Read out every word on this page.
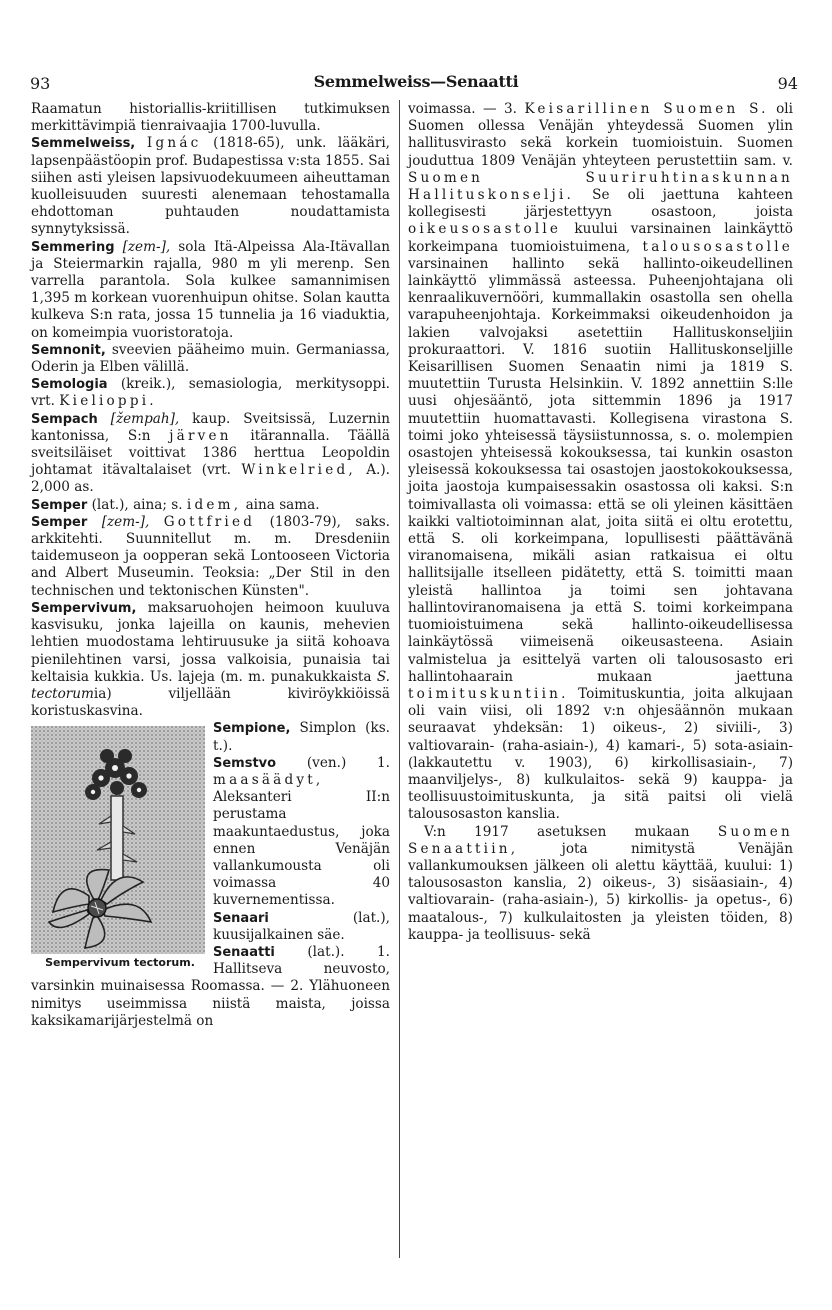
93	Semmelweiss—Senaatti	94

Raamatun historiallis-kriitillisen tutkimuksen merkittävimpiä tienraivaajia 1700-luvulla.

Semmelweiss, Ignác (1818-65), unk. lääkäri, lapsenpäästöopin prof. Budapestissa v:sta 1855. Sai siihen asti yleisen lapsivuodekuumeen aiheuttaman kuolleisuuden suuresti alenemaan tehostamalla ehdottoman puhtauden noudattamista synnytyksissä.

Semmering [zem-], sola Itä-Alpeissa Ala-Itävallan ja Steiermarkin rajalla, 980 m yli merenp. Sen varrella parantola. Sola kulkee samannimisen 1,395 m korkean vuorenhuipun ohitse. Solan kautta kulkeva S:n rata, jossa 15 tunnelia ja 16 viaduktia, on komeimpia vuoristoratoja.

Semnonit, sveevien pääheimo muin. Germaniassa, Oderin ja Elben välillä.

Semologia (kreik.), semasiologia, merkitysoppi. vrt. Kielioppi.

Sempach [žempah], kaup. Sveitsissä, Luzernin kantonissa, S:n järven itärannalla. Täällä sveitsiläiset voittivat 1386 herttua Leopoldin johtamat itävaltalaiset (vrt. Winkelried, A.). 2,000 as.

Semper (lat.), aina; s. idem, aina sama.

Semper [zem-], Gottfried (1803-79), saks. arkkitehti. Suunnitellut m. m. Dresdeniin taidemuseon ja oopperan sekä Lontooseen Victoria and Albert Museumin. Teoksia: „Der Stil in den technischen und tektonischen Künsten".

Sempervivum, maksaruohojen heimoon kuuluva kasvisuku, jonka lajeilla on kaunis, mehevien lehtien muodostama lehtiruusuke ja siitä kohoava pienilehtinen varsi, jossa valkoisia, punaisia tai keltaisia kukkia. Us. lajeja (m. m. punakukkaista S. tectorumia) viljellään kiviröykkiöissä koristuskasvina.

Sempervivum tectorum.

Sempione, Simplon (ks. t.).

Semstvo (ven.) 1. maasäädyt, Aleksanteri II:n perustama maakuntaedustus, joka ennen Venäjän vallankumousta oli voimassa 40 kuvernementissa.

Senaari	(lat.), kuusijalkainen säe.

Senaatti (lat.). 1. Hallitseva neuvosto, varsinkin muinaisessa Roomassa. — 2. Ylähuoneen nimitys useimmissa niistä maista, joissa kaksikamarijärjestelmä on

voimassa. — 3. Keisarillinen Suomen S. oli Suomen ollessa Venäjän yhteydessä Suomen ylin hallitusvirasto sekä korkein tuomioistuin. Suomen jouduttua 1809 Venäjän yhteyteen perustettiin sam. v. Suomen Suuriruhtinaskunnan Hallituskonselji. Se oli jaettuna kahteen kollegisesti järjestettyyn osastoon, joista oikeusosastolle kuului varsinainen lainkäyttö korkeimpana tuomioistuimena, talousosastolle varsinainen hallinto sekä hallinto-oikeudellinen lainkäyttö ylimmässä asteessa. Puheenjohtajana oli kenraalikuvernööri, kummallakin osastolla sen ohella varapuheenjohtaja. Korkeimmaksi oikeudenhoidon ja lakien valvojaksi asetettiin Hallituskonseljiin prokuraattori. V. 1816 suotiin Hallituskonseljille Keisarillisen Suomen Senaatin nimi ja 1819 S. muutettiin Turusta Helsinkiin. V. 1892 annettiin S:lle uusi ohjesääntö, jota sittemmin 1896 ja 1917 muutettiin huomattavasti. Kollegisena virastona S. toimi joko yhteisessä täysiistunnossa, s. o. molempien osastojen yhteisessä kokouksessa, tai kunkin osaston yleisessä kokouksessa tai osastojen jaostokokouksessa, joita jaostoja kumpaisessakin osastossa oli kaksi. S:n toimivallasta oli voimassa: että se oli yleinen käsittäen kaikki valtiotoiminnan alat, joita siitä ei oltu erotettu, että S. oli korkeimpana, lopullisesti päättävänä viranomaisena, mikäli asian ratkaisua ei oltu hallitsijalle itselleen pidätetty, että S. toimitti maan yleistä hallintoa ja toimi sen johtavana hallintoviranomaisena ja että S. toimi korkeimpana tuomioistuimena sekä hallinto-oikeudellisessa lainkäytössä viimeisenä oikeusasteena. Asiain valmistelua ja esittelyä varten oli talousosasto eri hallintohaarain mukaan jaettuna toimituskuntiin. Toimituskuntia, joita alkujaan oli vain viisi, oli 1892 v:n ohjesäännön mukaan seuraavat yhdeksän: 1) oikeus-, 2) siviili-, 3) valtiovarain- (raha-asiain-), 4) kamari-, 5) sota-asiain- (lakkautettu v. 1903), 6) kirkollisasiain-, 7) maanviljelys-, 8) kulkulaitos- sekä 9) kauppa- ja teollisuustoimituskunta, ja sitä paitsi oli vielä talousosaston kanslia.

V:n 1917 asetuksen mukaan Suomen Senaattiin,	jota nimitystä Venäjän vallankumouksen jälkeen oli alettu käyttää, kuului: 1) talousosaston kanslia, 2) oikeus-, 3) sisäasiain-, 4) valtiovarain- (raha-asiain-), 5) kirkollis- ja opetus-, 6) maatalous-, 7) kulkulaitosten ja yleisten töiden, 8) kauppa- ja teollisuus- sekä
